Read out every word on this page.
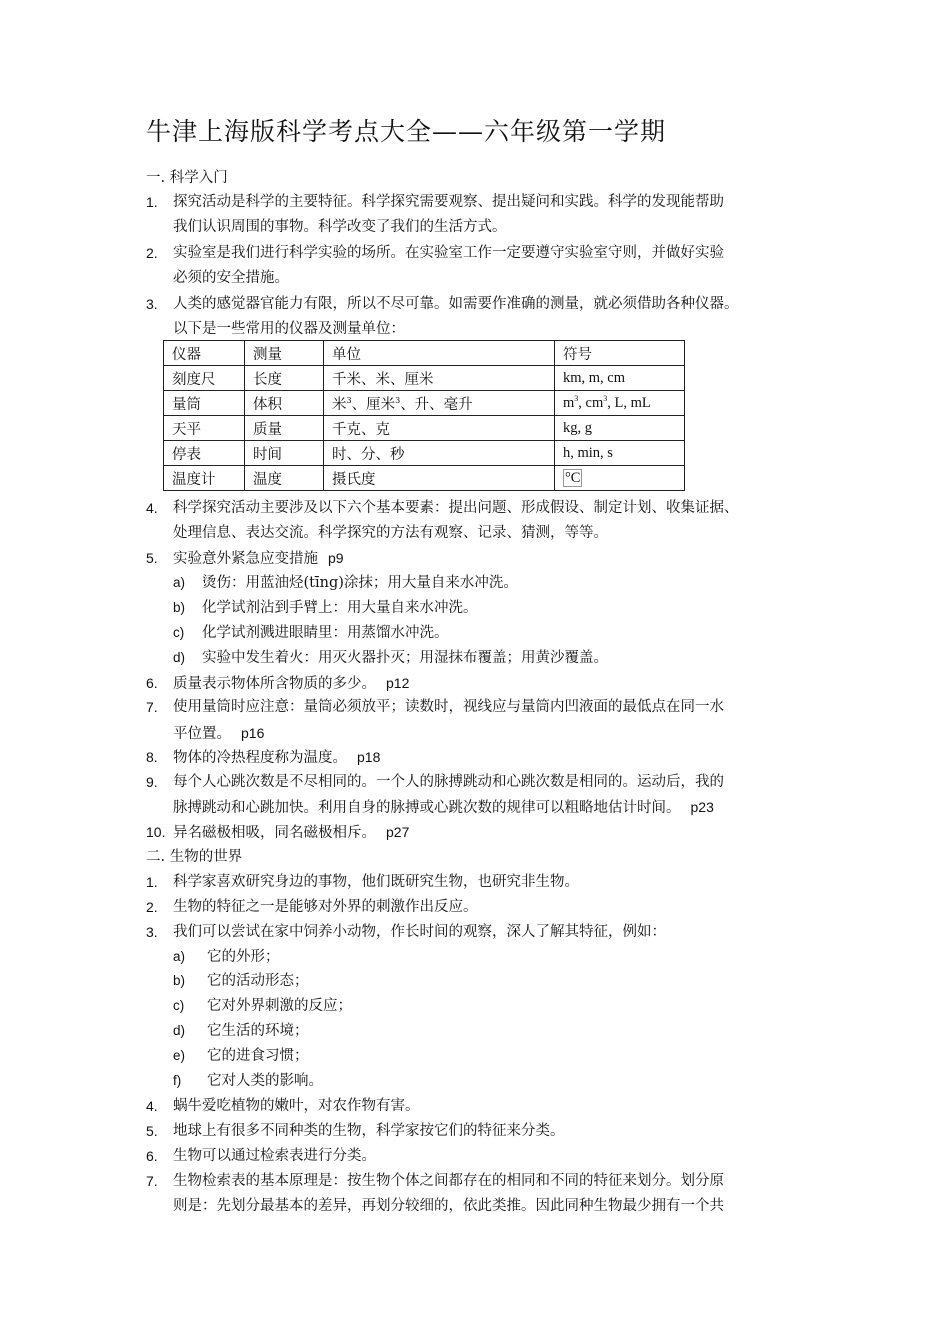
牛津上海版科学考点大全——六年级第一学期
一. 科学入门
1. 探究活动是科学的主要特征。科学探究需要观察、提出疑问和实践。科学的发现能帮助
我们认识周围的事物。科学改变了我们的生活方式。
2. 实验室是我们进行科学实验的场所。在实验室工作一定要遵守实验室守则，并做好实验
必须的安全措施。
3. 人类的感觉器官能力有限，所以不尽可靠。如需要作准确的测量，就必须借助各种仪器。
以下是一些常用的仪器及测量单位：
仪器	测量	单位	符号
刻度尺	长度	千米、米、厘米	km, m, cm
量筒	体积	米$^3$、厘米$^3$、升、毫升	$m^3$, $cm^3$, L, mL
天平	质量	千克、克	kg, g
停表	时间	时、分、秒	h, min, s
温度计	温度	摄氏度	°C
4. 科学探究活动主要涉及以下六个基本要素：提出问题、形成假设、制定计划、收集证据、
处理信息、表达交流。科学探究的方法有观察、记录、猜测，等等。
5. 实验意外紧急应变措施 p9
a) 烫伤：用蓝油烃(tīng)涂抹；用大量自来水冲洗。
b) 化学试剂沾到手臂上：用大量自来水冲洗。
c) 化学试剂溅进眼睛里：用蒸馏水冲洗。
d) 实验中发生着火：用灭火器扑灭；用湿抹布覆盖；用黄沙覆盖。
6. 质量表示物体所含物质的多少。 p12
7. 使用量筒时应注意：量筒必须放平；读数时，视线应与量筒内凹液面的最低点在同一水
平位置。 p16
8. 物体的冷热程度称为温度。 p18
9. 每个人心跳次数是不尽相同的。一个人的脉搏跳动和心跳次数是相同的。运动后，我的
脉搏跳动和心跳加快。利用自身的脉搏或心跳次数的规律可以粗略地估计时间。 p23
10. 异名磁极相吸，同名磁极相斥。 p27
二. 生物的世界
1. 科学家喜欢研究身边的事物，他们既研究生物，也研究非生物。
2. 生物的特征之一是能够对外界的刺激作出反应。
3. 我们可以尝试在家中饲养小动物，作长时间的观察，深人了解其特征，例如：
a) 它的外形；
b) 它的活动形态；
c) 它对外界刺激的反应；
d) 它生活的环境；
e) 它的进食习惯；
f) 它对人类的影响。
4. 蜗牛爱吃植物的嫩叶，对农作物有害。
5. 地球上有很多不同种类的生物，科学家按它们的特征来分类。
6. 生物可以通过检索表进行分类。
7. 生物检索表的基本原理是：按生物个体之间都存在的相同和不同的特征来划分。划分原
则是：先划分最基本的差异，再划分较细的，依此类推。因此同种生物最少拥有一个共
